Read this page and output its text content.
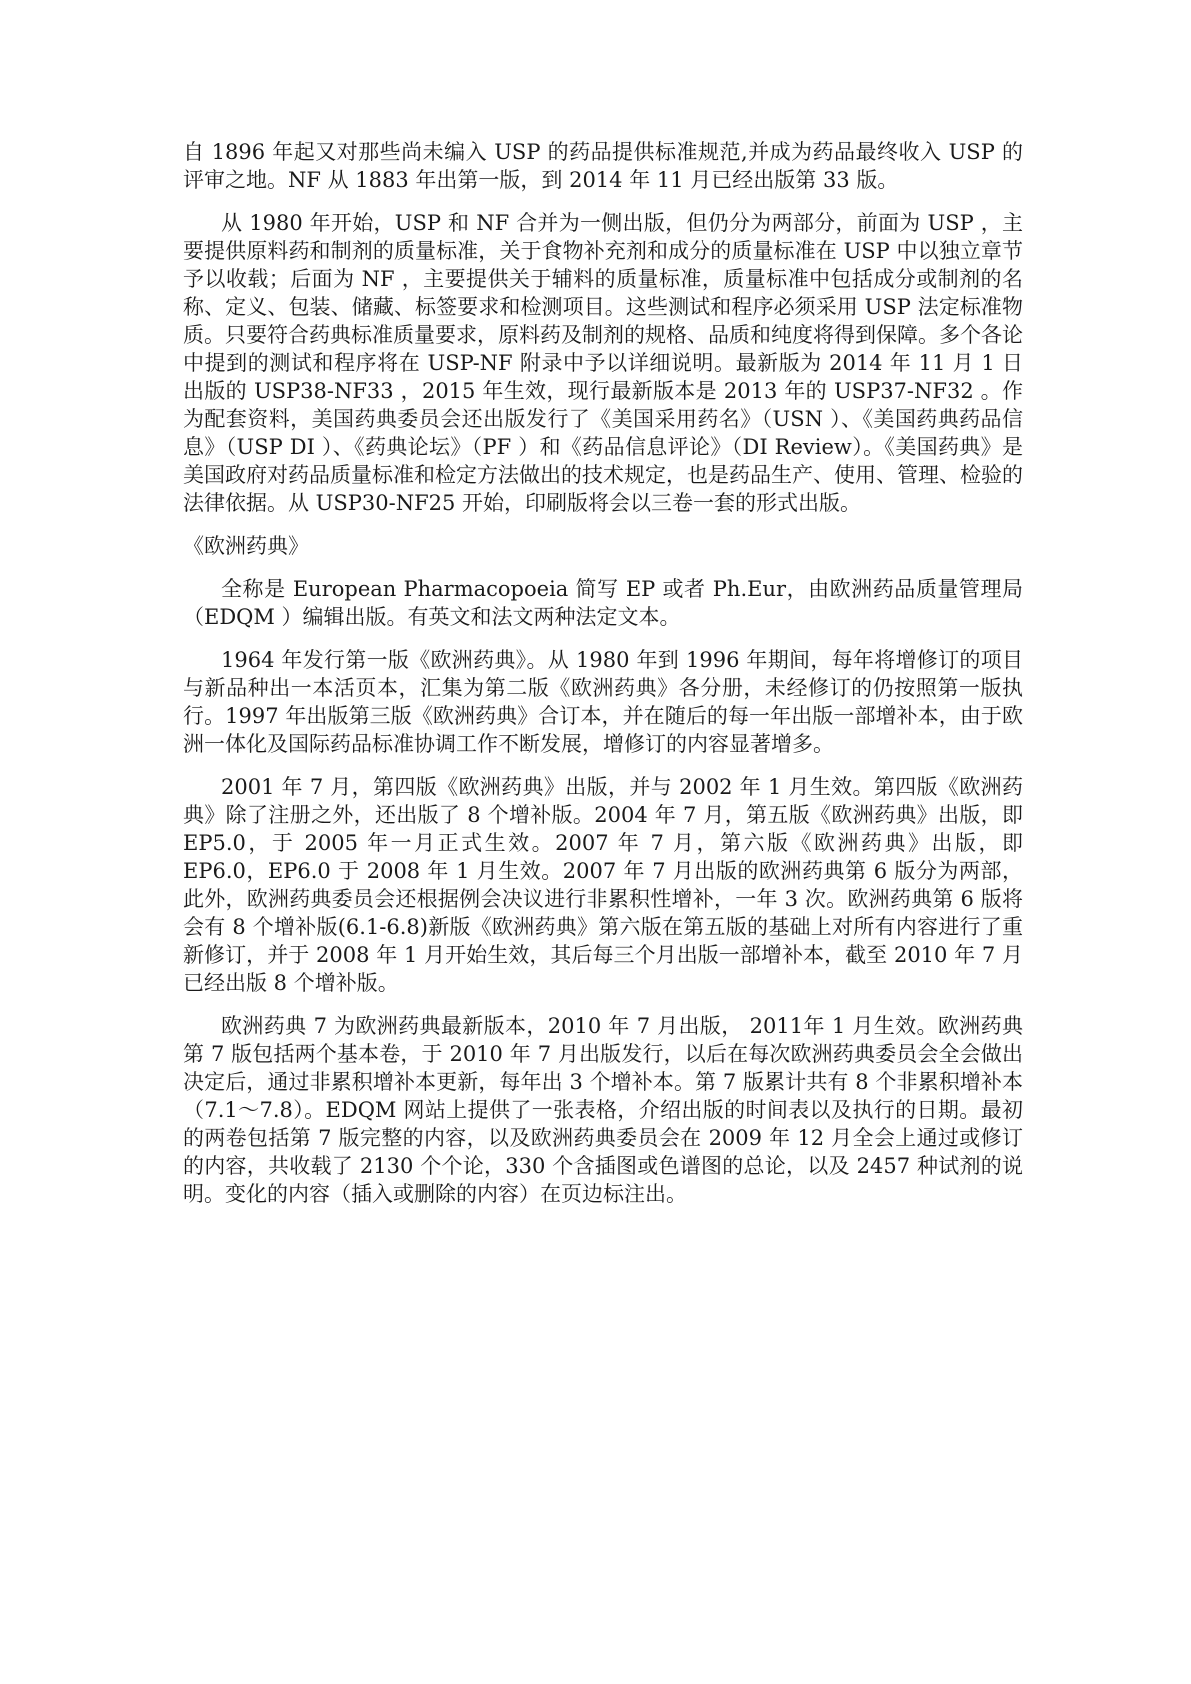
自 1896 年起又对那些尚未编入 USP 的药品提供标准规范,并成为药品最终收入 USP 的评审之地。NF 从 1883 年出第一版，到 2014 年 11 月已经出版第 33 版。

从 1980 年开始，USP 和 NF 合并为一侧出版，但仍分为两部分，前面为 USP ，主要提供原料药和制剂的质量标准，关于食物补充剂和成分的质量标准在 USP 中以独立章节予以收载；后面为 NF ，主要提供关于辅料的质量标准，质量标准中包括成分或制剂的名称、定义、包装、储藏、标签要求和检测项目。这些测试和程序必须采用 USP 法定标准物质。只要符合药典标准质量要求，原料药及制剂的规格、品质和纯度将得到保障。多个各论中提到的测试和程序将在 USP-NF 附录中予以详细说明。最新版为 2014 年 11 月 1 日出版的 USP38-NF33 ，2015 年生效，现行最新版本是 2013 年的 USP37-NF32 。作为配套资料，美国药典委员会还出版发行了《美国采用药名》（USN ）、《美国药典药品信息》（USP DI ）、《药典论坛》（PF ）和《药品信息评论》（DI Review）。《美国药典》是美国政府对药品质量标准和检定方法做出的技术规定，也是药品生产、使用、管理、检验的法律依据。从 USP30-NF25 开始，印刷版将会以三卷一套的形式出版。

《欧洲药典》

全称是 European Pharmacopoeia 简写 EP 或者 Ph.Eur，由欧洲药品质量管理局（EDQM ）编辑出版。有英文和法文两种法定文本。

1964 年发行第一版《欧洲药典》。从 1980 年到 1996 年期间，每年将增修订的项目与新品种出一本活页本，汇集为第二版《欧洲药典》各分册，未经修订的仍按照第一版执行。1997 年出版第三版《欧洲药典》合订本，并在随后的每一年出版一部增补本，由于欧洲一体化及国际药品标准协调工作不断发展，增修订的内容显著增多。

2001 年 7 月，第四版《欧洲药典》出版，并与 2002 年 1 月生效。第四版《欧洲药典》除了注册之外，还出版了 8 个增补版。2004 年 7 月，第五版《欧洲药典》出版，即 EP5.0，于 2005 年一月正式生效。2007 年 7 月，第六版《欧洲药典》出版，即 EP6.0，EP6.0 于 2008 年 1 月生效。2007 年 7 月出版的欧洲药典第 6 版分为两部，此外，欧洲药典委员会还根据例会决议进行非累积性增补，一年 3 次。欧洲药典第 6 版将会有 8 个增补版(6.1-6.8)新版《欧洲药典》第六版在第五版的基础上对所有内容进行了重新修订，并于 2008 年 1 月开始生效，其后每三个月出版一部增补本，截至 2010 年 7 月已经出版 8 个增补版。

欧洲药典 7 为欧洲药典最新版本，2010 年 7 月出版， 2011年 1 月生效。欧洲药典第 7 版包括两个基本卷，于 2010 年 7 月出版发行，以后在每次欧洲药典委员会全会做出决定后，通过非累积增补本更新，每年出 3 个增补本。第 7 版累计共有 8 个非累积增补本（7.1～7.8）。EDQM 网站上提供了一张表格，介绍出版的时间表以及执行的日期。最初的两卷包括第 7 版完整的内容，以及欧洲药典委员会在 2009 年 12 月全会上通过或修订的内容，共收载了 2130 个个论，330 个含插图或色谱图的总论，以及 2457 种试剂的说明。变化的内容（插入或删除的内容）在页边标注出。
